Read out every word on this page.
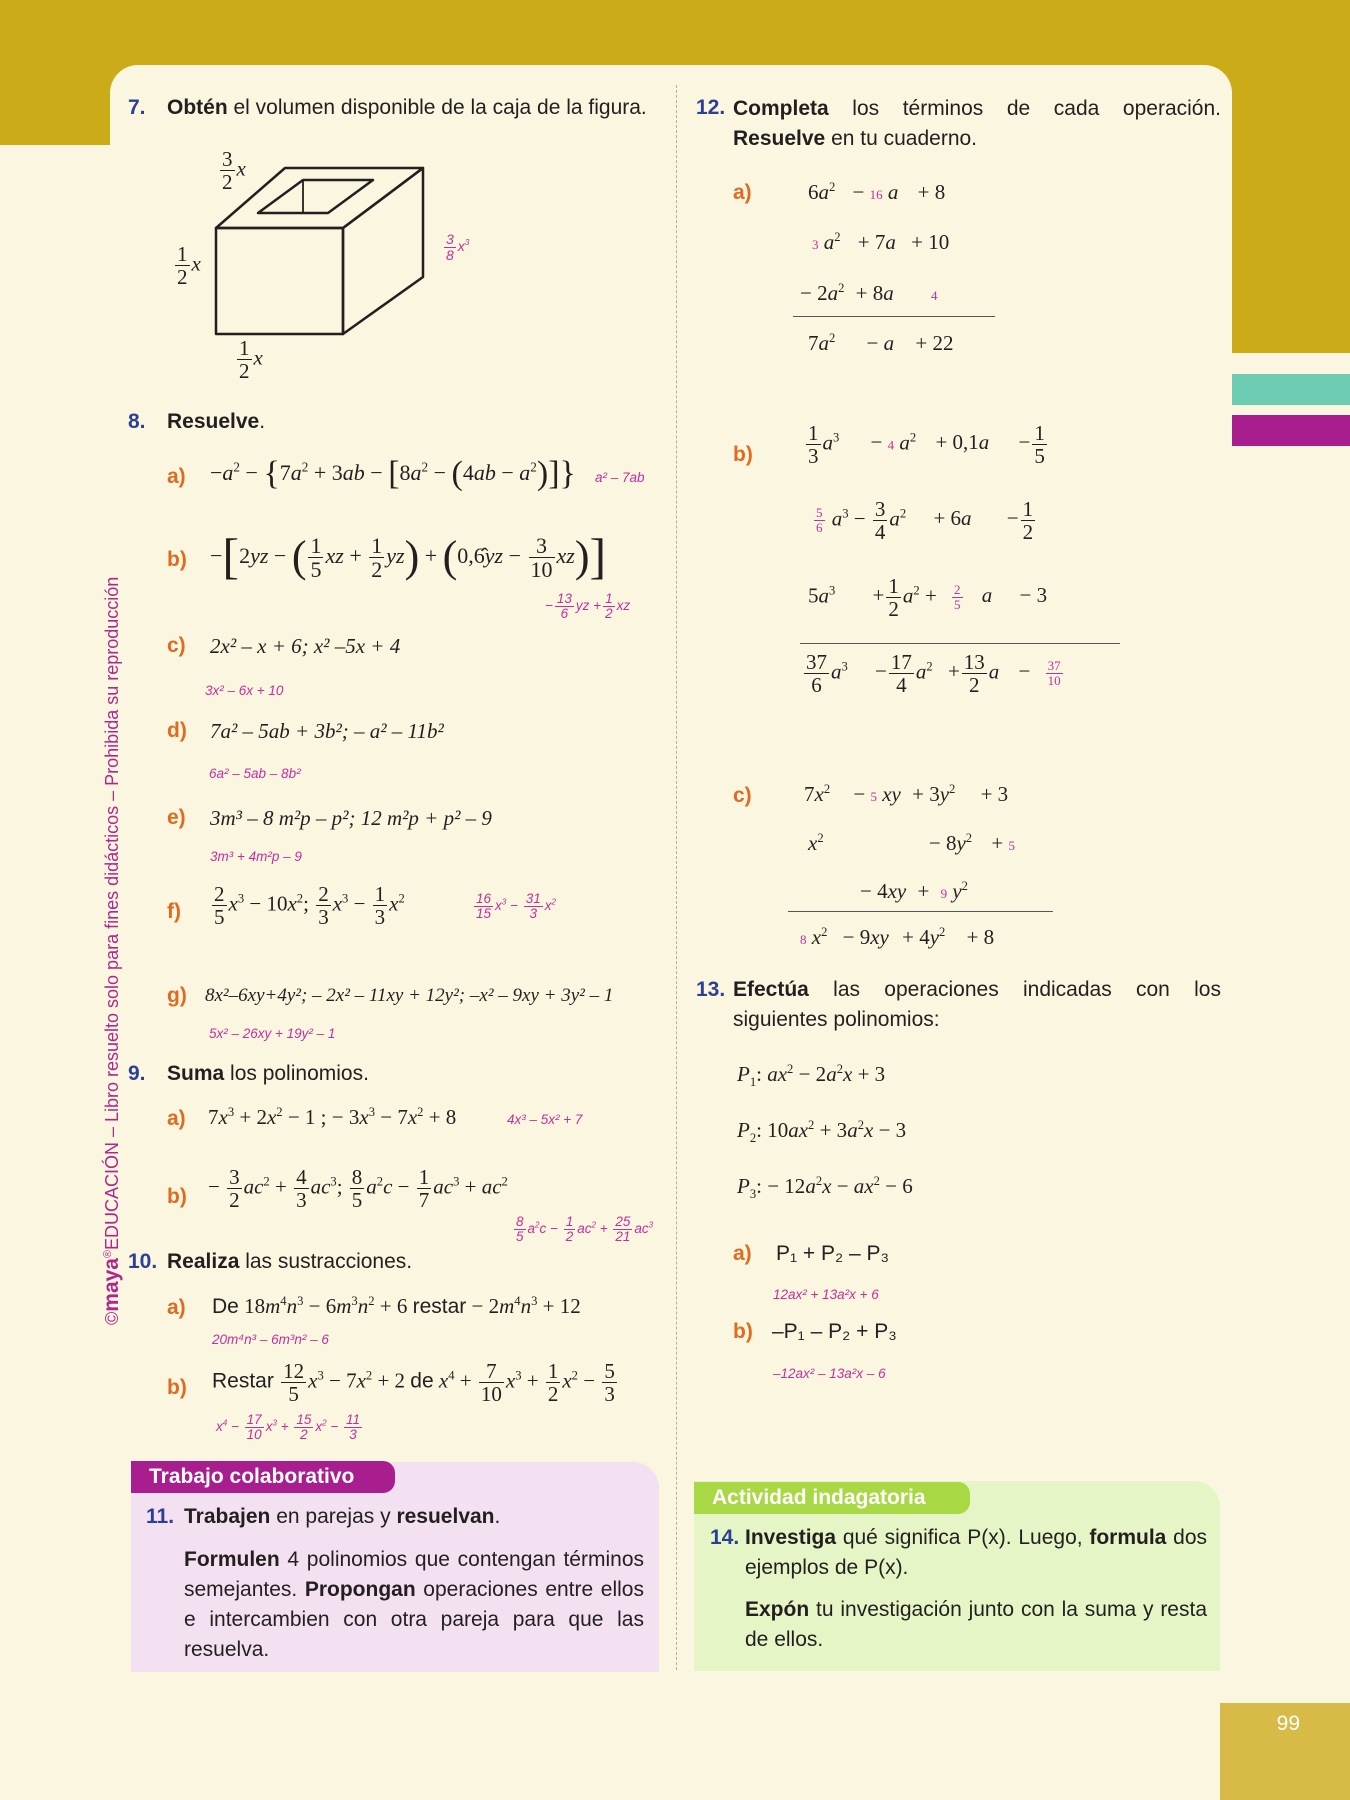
99
©maya®EDUCACIÓN – Libro resuelto solo para fines didácticos – Prohibida su reproducción
7. Obtén el volumen disponible de la caja de la figura.
$\frac{3}{2}$ x
$\frac{1}{2}$ x
$\frac{1}{2}$ x
$\frac{3}{8} x^3$
8. Resuelve.
$a) -a^2 - \{7a^2 + 3ab - [8a^2 - (4ab - a^2)]\}$ a² – 7ab
b) −[2yz − ( $\frac{1}{5}$ xz + $\frac{1}{2} yz$) + (0,6̂yz − $\frac{3}{10} xz$)]
− $\frac{13}{6}$ yz + $\frac{1}{2}$ xz
c) 2x² – x + 6; x² –5x + 4
3x² – 6x + 10
d) 7a² – 5ab + 3b²; – a² – 11b²
6a² – 5ab – 8b²
e) 3m³ – 8 m²p – p²; 12 m²p + p² – 9
3m³ + 4m²p – 9
$f) \frac{2}{5} x^3 - 10x^2$; $\frac{2}{3} x^3 - \frac{1}{3} x^2$	$\frac{16}{15} x^3 - \frac{31}{3} x^2$
g) 8x²–6xy+4y²; – 2x² – 11xy + 12y²; –x² – 9xy + 3y² – 1
5x² – 26xy + 19y² – 1
9. Suma los polinomios.
a) $7x^3 + 2x^2 - 1$ ; − $3x^3 - 7x^2 + 8$	4x³ – 5x² + 7
$b) - \frac{3}{2} ac^2 + \frac{4}{3} ac^3$; $\frac{8}{5} a^2c - \frac{1}{7} ac^3 + ac^2$
$\frac{8}{5} a^2c - \frac{1}{2} ac^2 + \frac{25}{21} ac^3$
10. Realiza las sustracciones.
a) De $18m^4n^3 - 6m^3n^2 + 6$ restar − $2m^4n^3 + 12$
20m⁴n³ – 6m³n² – 6
b) Restar $\frac{12}{5} x^3 - 7x^2 + 2$ de $x^4 + \frac{7}{10} x^3 + \frac{1}{2} x^2 - \frac{5}{3}$
$x^4 - \frac{17}{10} x^3 + \frac{15}{2} x^2 - \frac{11}{3}$
Trabajo colaborativo
11. Trabajen en parejas y resuelvan.
Formulen 4 polinomios que contengan términos semejantes. Propongan operaciones entre ellos e intercambien con otra pareja para que las resuelva.
12. Completa los términos de cada operación. Resuelve en tu cuaderno.
a)	$6a^2 - 16$ a + 8
3 $a^2 + 7a + 10$
− $2a^2 + 8a$	4
$7a^2 - a + 22$
b)	$\frac{1}{3} a^3 - 4$ $a^2 + 0,1a - \frac{1}{5}$
$\frac{5}{6} a^3 - \frac{3}{4} a^2 + 6a - \frac{1}{2}$
$5a^3 + \frac{1}{2} a^2 + \frac{2}{5}$ a − 3
$\frac{37}{6} a^3 - \frac{17}{4} a^2 + \frac{13}{2}$ $a - \frac{37}{10}$
c) $7x^2 - 5$ xy + $3y^2 + 3$
$x^2$	− $8y^2 + 5$
− 4xy + 9 $y^2$
8 $x^2 - 9xy + 4y^2 + 8$
13. Efectúa las operaciones indicadas con los siguientes polinomios:
$P_1$: $ax^2 - 2a^2x + 3$
$P_2$: $10ax^2 + 3a^2x - 3$
$P_3$: − $12a^2x - ax^2 - 6$
a) P₁ + P₂ – P₃
12ax² + 13a²x + 6
b) –P₁ – P₂ + P₃
–12ax² – 13a²x – 6
Actividad indagatoria
14. Investiga qué significa P(x). Luego, formula dos ejemplos de P(x).
Expón tu investigación junto con la suma y resta de ellos.
